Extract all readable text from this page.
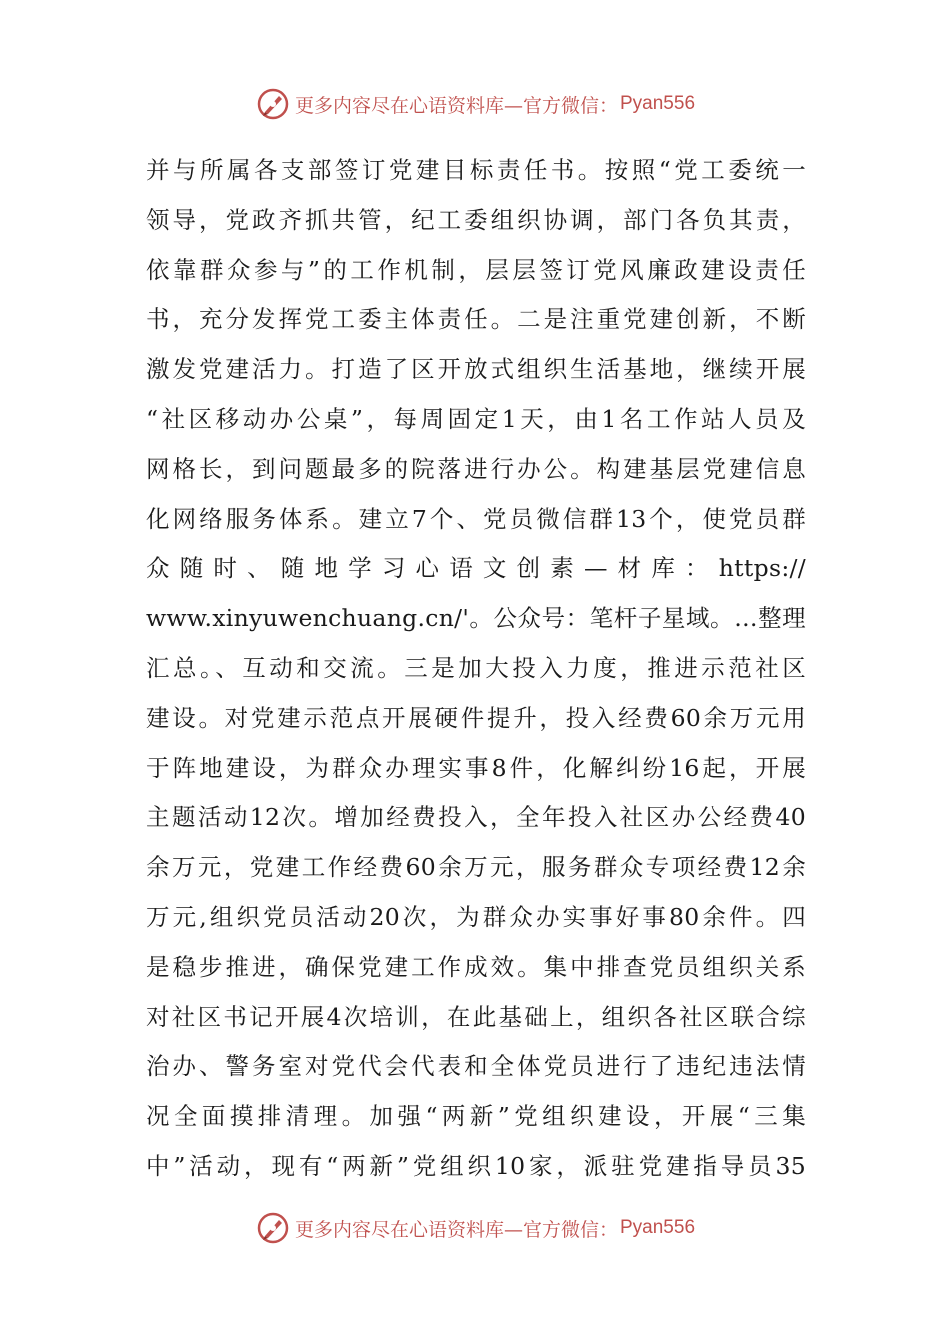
更多内容尽在心语资料库—官方微信： Pyan556
并与所属各支部签订党建目标责任书。按照“党工委统一
领导，党政齐抓共管，纪工委组织协调，部门各负其责，
依靠群众参与”的工作机制，层层签订党风廉政建设责任
书，充分发挥党工委主体责任。二是注重党建创新，不断
激发党建活力。打造了区开放式组织生活基地，继续开展
“社区移动办公桌”，每周固定1天，由1名工作站人员及
网格长，到问题最多的院落进行办公。构建基层党建信息
化网络服务体系。建立7个、党员微信群13个，使党员群
众随时、随地学习心语文创素—材库：https://
www.xinyuwenchuang.cn/'。公众号：笔杆子星域。…整理
汇总。、互动和交流。三是加大投入力度，推进示范社区
建设。对党建示范点开展硬件提升，投入经费60余万元用
于阵地建设，为群众办理实事8件，化解纠纷16起，开展
主题活动12次。增加经费投入，全年投入社区办公经费40
余万元，党建工作经费60余万元，服务群众专项经费12余
万元,组织党员活动20次，为群众办实事好事80余件。四
是稳步推进，确保党建工作成效。集中排查党员组织关系
对社区书记开展4次培训，在此基础上，组织各社区联合综
治办、警务室对党代会代表和全体党员进行了违纪违法情
况全面摸排清理。加强“两新”党组织建设，开展“三集
中”活动，现有“两新”党组织10家，派驻党建指导员35
更多内容尽在心语资料库—官方微信： Pyan556
